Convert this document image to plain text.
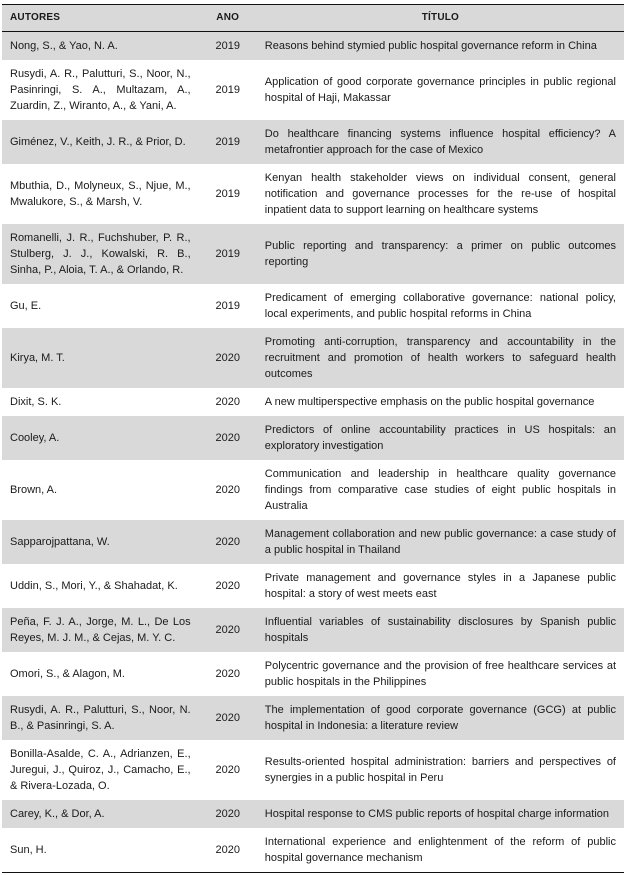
AUTORES	ANO	TÍTULO
Nong, S., & Yao, N. A.	2019	Reasons behind stymied public hospital governance reform in China
Rusydi, A. R., Palutturi, S., Noor, N., Pasinringi, S. A., Multazam, A., Zuardin, Z., Wiranto, A., & Yani, A.	2019	Application of good corporate governance principles in public regional hospital of Haji, Makassar
Giménez, V., Keith, J. R., & Prior, D.	2019	Do healthcare financing systems influence hospital efficiency? A metafrontier approach for the case of Mexico
Mbuthia, D., Molyneux, S., Njue, M., Mwalukore, S., & Marsh, V.	2019	Kenyan health stakeholder views on individual consent, general notification and governance processes for the re-use of hospital inpatient data to support learning on healthcare systems
Romanelli, J. R., Fuchshuber, P. R., Stulberg, J. J., Kowalski, R. B., Sinha, P., Aloia, T. A., & Orlando, R.	2019	Public reporting and transparency: a primer on public outcomes reporting
Gu, E.	2019	Predicament of emerging collaborative governance: national policy, local experiments, and public hospital reforms in China
Kirya, M. T.	2020	Promoting anti-corruption, transparency and accountability in the recruitment and promotion of health workers to safeguard health outcomes
Dixit, S. K.	2020	A new multiperspective emphasis on the public hospital governance
Cooley, A.	2020	Predictors of online accountability practices in US hospitals: an exploratory investigation
Brown, A.	2020	Communication and leadership in healthcare quality governance findings from comparative case studies of eight public hospitals in Australia
Sapparojpattana, W.	2020	Management collaboration and new public governance: a case study of a public hospital in Thailand
Uddin, S., Mori, Y., & Shahadat, K.	2020	Private management and governance styles in a Japanese public hospital: a story of west meets east
Peña, F. J. A., Jorge, M. L., De Los Reyes, M. J. M., & Cejas, M. Y. C.	2020	Influential variables of sustainability disclosures by Spanish public hospitals
Omori, S., & Alagon, M.	2020	Polycentric governance and the provision of free healthcare services at public hospitals in the Philippines
Rusydi, A. R., Palutturi, S., Noor, N. B., & Pasinringi, S. A.	2020	The implementation of good corporate governance (GCG) at public hospital in Indonesia: a literature review
Bonilla-Asalde, C. A., Adrianzen, E., Juregui, J., Quiroz, J., Camacho, E., & Rivera-Lozada, O.	2020	Results-oriented hospital administration: barriers and perspectives of synergies in a public hospital in Peru
Carey, K., & Dor, A.	2020	Hospital response to CMS public reports of hospital charge information
Sun, H.	2020	International experience and enlightenment of the reform of public hospital governance mechanism
